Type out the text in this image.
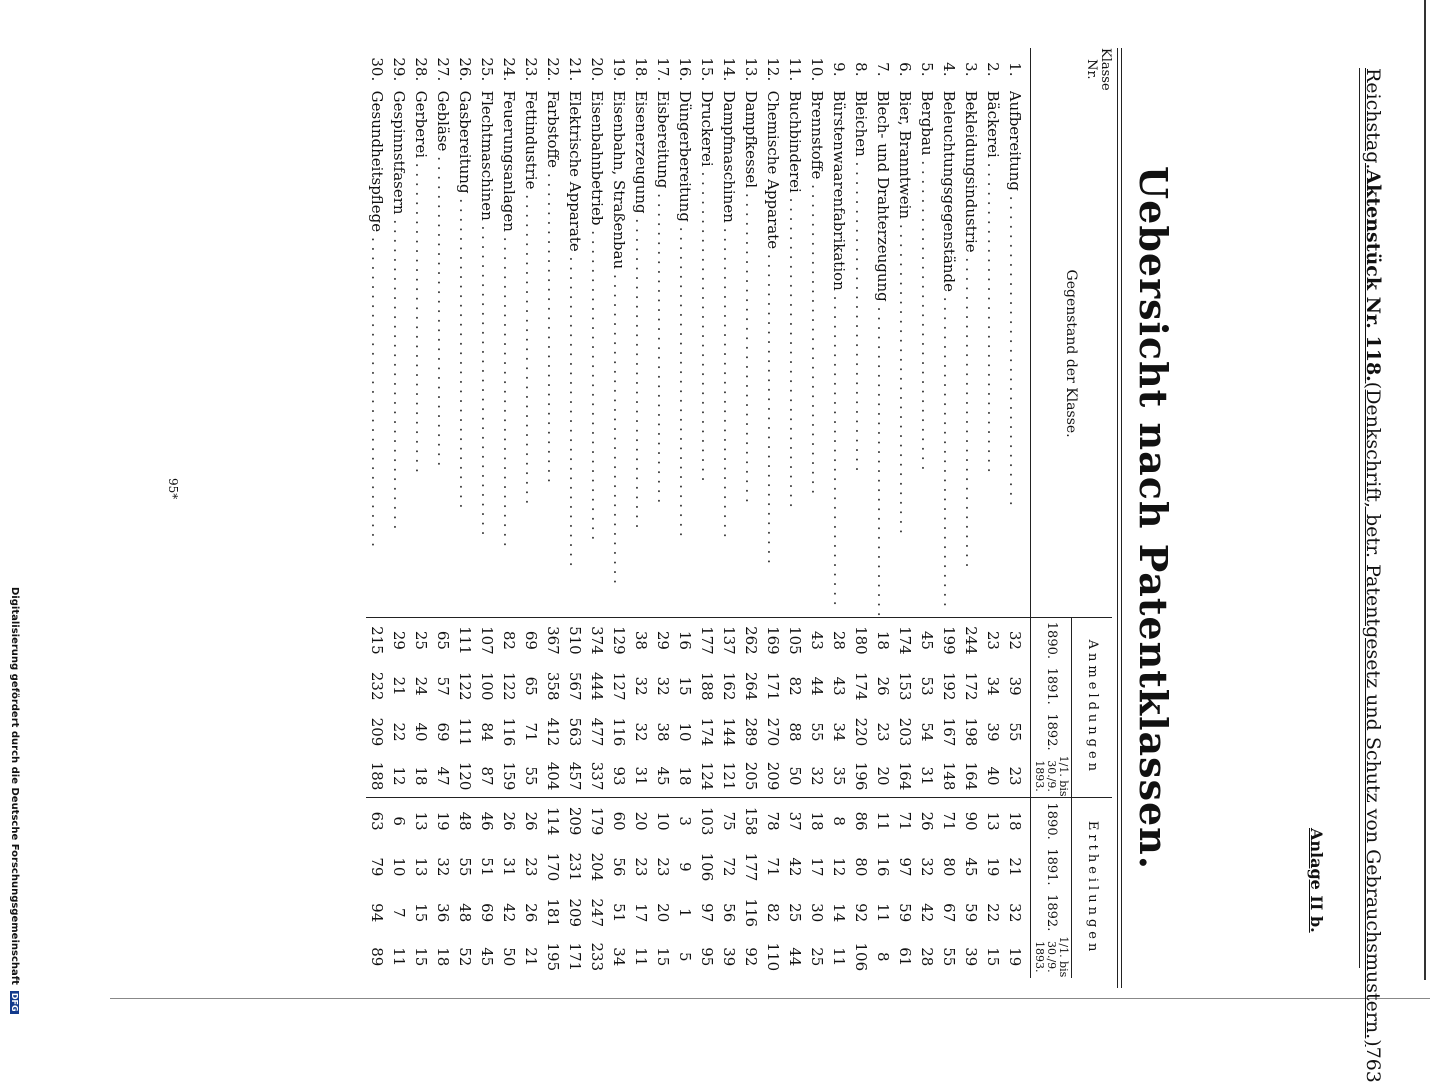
Digitalisierung gefördert durch die Deutsche Forschungsgemeinschaft
DFG
Reichstag.
Aktenstück Nr. 118.
(Denkschrift, betr. Patentgesetz und Schutz von Gebrauchsmustern.)
763
Anlage II b.
Uebersicht nach Patentklassen.
Klasse
Nr.	Gegenstand der Klasse.	Anmeldungen				Ertheilungen			
		1890.	1891.	1892.	1/1. bis 30./9. 1893.	1890.	1891.	1892.	1/1. bis 30./9. 1893.
1.	Aufbereitung . . .	32	39	55	23	18	21	32	19
2.	Bäckerei . . .	23	34	39	40	13	19	22	15
3.	Bekleidungsindustrie . . .	244	172	198	164	90	45	59	39
4.	Beleuchtungsgegenstände . . .	199	192	167	148	71	80	67	55
5.	Bergbau . . .	45	53	54	31	26	32	42	28
6.	Bier, Branntwein . . .	174	153	203	164	71	97	59	61
7.	Blech- und Drahterzeugung . . .	18	26	23	20	11	16	11	8
8.	Bleichen . . .	180	174	220	196	86	80	92	106
9.	Bürstenwaarenfabrikation . . .	28	43	34	35	8	12	14	11
10.	Brennstoffe . . .	43	44	55	32	18	17	30	25
11.	Buchbinderei . . .	105	82	88	50	37	42	25	44
12.	Chemische Apparate . . .	169	171	270	209	78	71	82	110
13.	Dampfkessel . . .	262	264	289	205	158	177	116	92
14.	Dampfmaschinen . . .	137	162	144	121	75	72	56	39
15.	Druckerei . . .	177	188	174	124	103	106	97	95
16.	Düngerbereitung . . .	16	15	10	18	3	9	1	5
17.	Eisbereitung . . .	29	32	38	45	10	23	20	15
18.	Eisenerzeugung . . .	38	32	32	31	20	23	17	11
19.	Eisenbahn, Straßenbau . . .	129	127	116	93	60	56	51	34
20.	Eisenbahnbetrieb . . .	374	444	477	337	179	204	247	233
21.	Elektrische Apparate . . .	510	567	563	457	209	231	209	171
22.	Farbstoffe . . .	367	358	412	404	114	170	181	195
23.	Fettindustrie . . .	69	65	71	55	26	23	26	21
24.	Feuerungsanlagen . . .	82	122	116	159	26	31	42	50
25.	Flechtmaschinen . . .	107	100	84	87	46	51	69	45
26.	Gasbereitung . . .	111	122	111	120	48	55	48	52
27.	Gebläse . . .	65	57	69	47	19	32	36	18
28.	Gerberei . . .	25	24	40	18	13	13	15	15
29.	Gespinnstfasern . . .	29	21	22	12	6	10	7	11
30.	Gesundheitspflege . . .	215	232	209	188	63	79	94	89
95*
